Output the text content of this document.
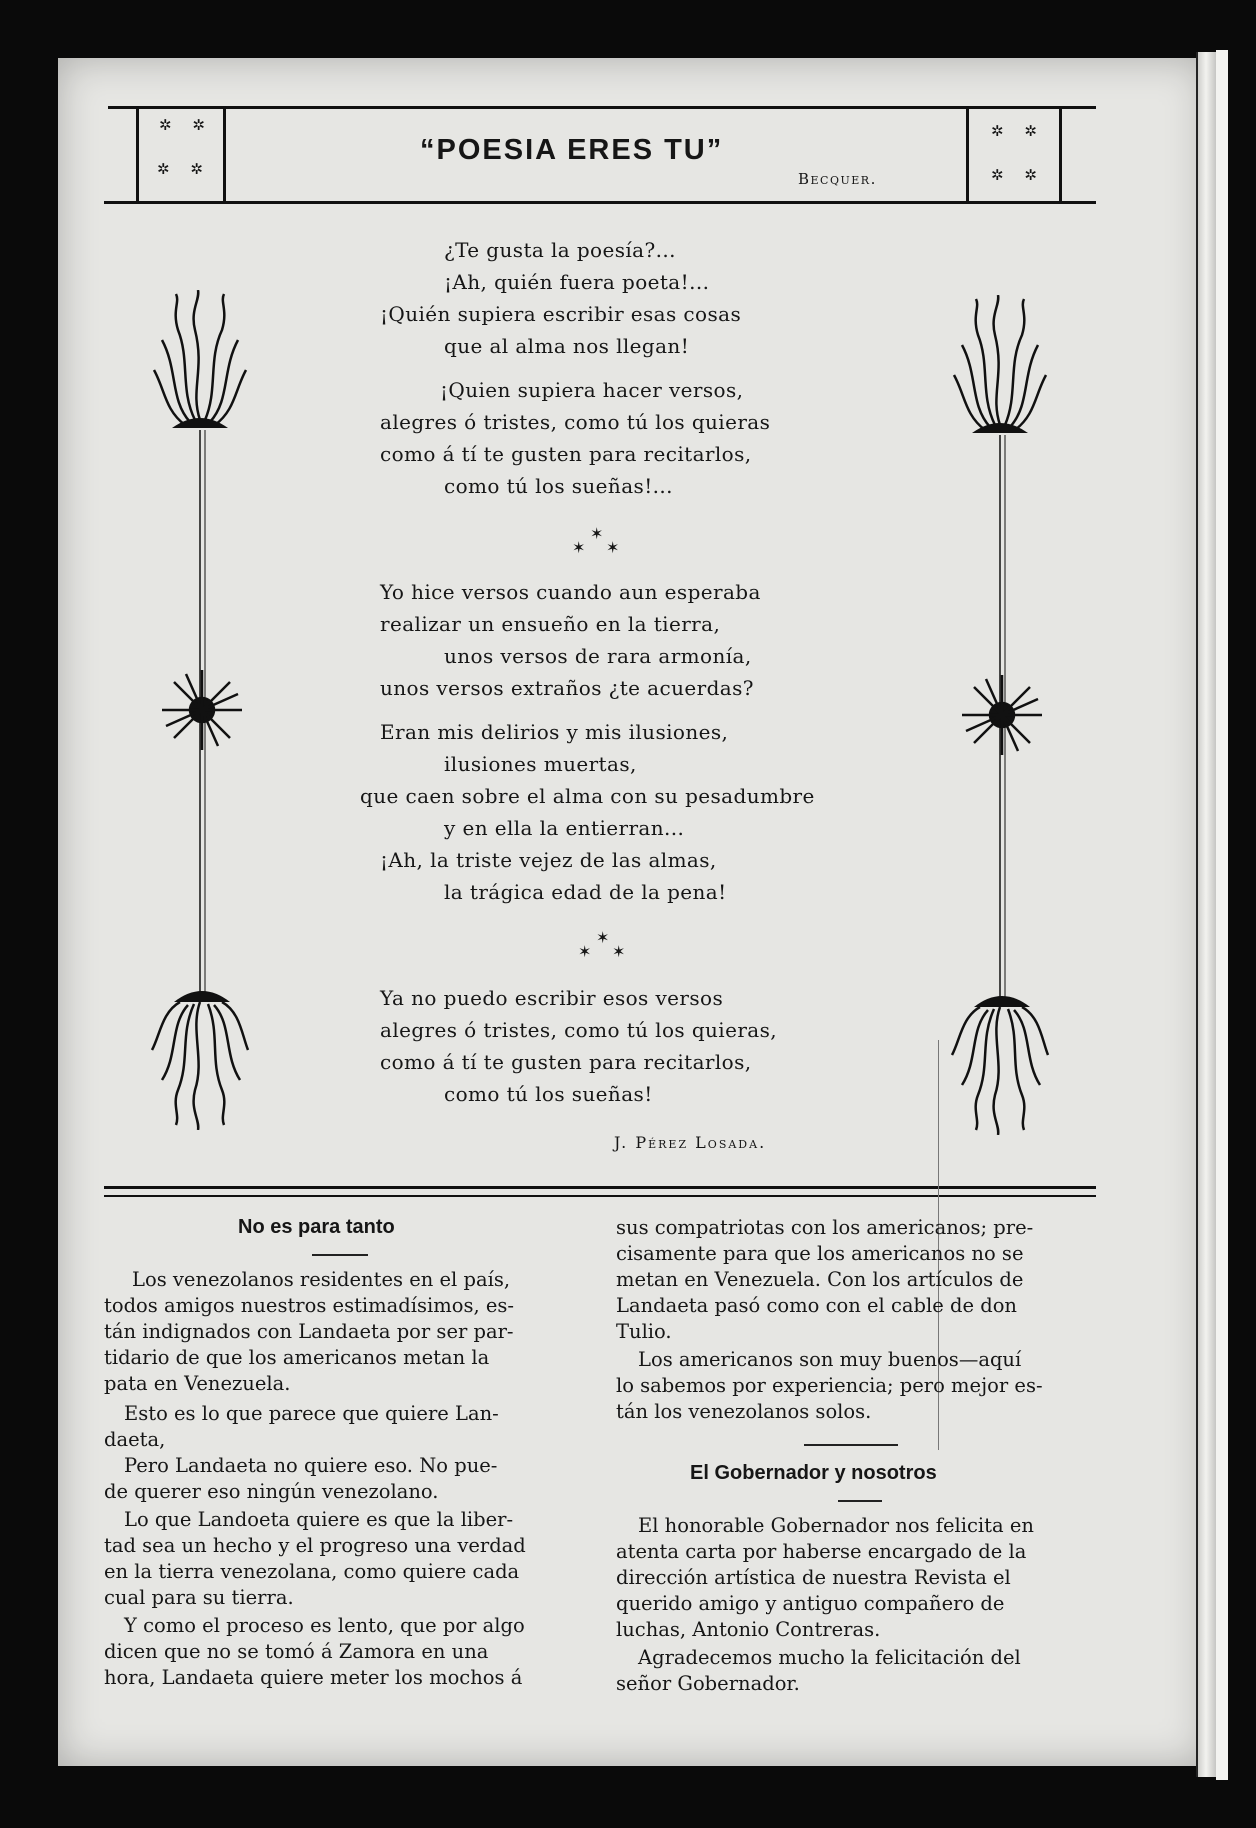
✲ ✲
✲ ✲
✲ ✲
✲ ✲
“POESIA ERES TU”
Becquer.
¿Te gusta la poesía?...
¡Ah, quién fuera poeta!...
¡Quién supiera escribir esas cosas
que al alma nos llegan!
¡Quien supiera hacer versos,
alegres ó tristes, como tú los quieras
como á tí te gusten para recitarlos,
como tú los sueñas!...
✶
✶ ✶
Yo hice versos cuando aun esperaba
realizar un ensueño en la tierra,
unos versos de rara armonía,
unos versos extraños ¿te acuerdas?
Eran mis delirios y mis ilusiones,
ilusiones muertas,
que caen sobre el alma con su pesadumbre
y en ella la entierran...
¡Ah, la triste vejez de las almas,
la trágica edad de la pena!
✶
✶ ✶
Ya no puedo escribir esos versos
alegres ó tristes, como tú los quieras,
como á tí te gusten para recitarlos,
como tú los sueñas!
J. Pérez Losada.
No es para tanto
Los venezolanos residentes en el país,
todos amigos nuestros estimadísimos, es-
tán indignados con Landaeta por ser par-
tidario de que los americanos metan la
pata en Venezuela.
Esto es lo que parece que quiere Lan-
daeta,
Pero Landaeta no quiere eso. No pue-
de querer eso ningún venezolano.
Lo que Landoeta quiere es que la liber-
tad sea un hecho y el progreso una verdad
en la tierra venezolana, como quiere cada
cual para su tierra.
Y como el proceso es lento, que por algo
dicen que no se tomó á Zamora en una
hora, Landaeta quiere meter los mochos á
sus compatriotas con los americanos; pre-
cisamente para que los americanos no se
metan en Venezuela. Con los artículos de
Landaeta pasó como con el cable de don
Tulio.
Los americanos son muy buenos—aquí
lo sabemos por experiencia; pero mejor es-
tán los venezolanos solos.
El Gobernador y nosotros
El honorable Gobernador nos felicita en
atenta carta por haberse encargado de la
dirección artística de nuestra Revista el
querido amigo y antiguo compañero de
luchas, Antonio Contreras.
Agradecemos mucho la felicitación del
señor Gobernador.
